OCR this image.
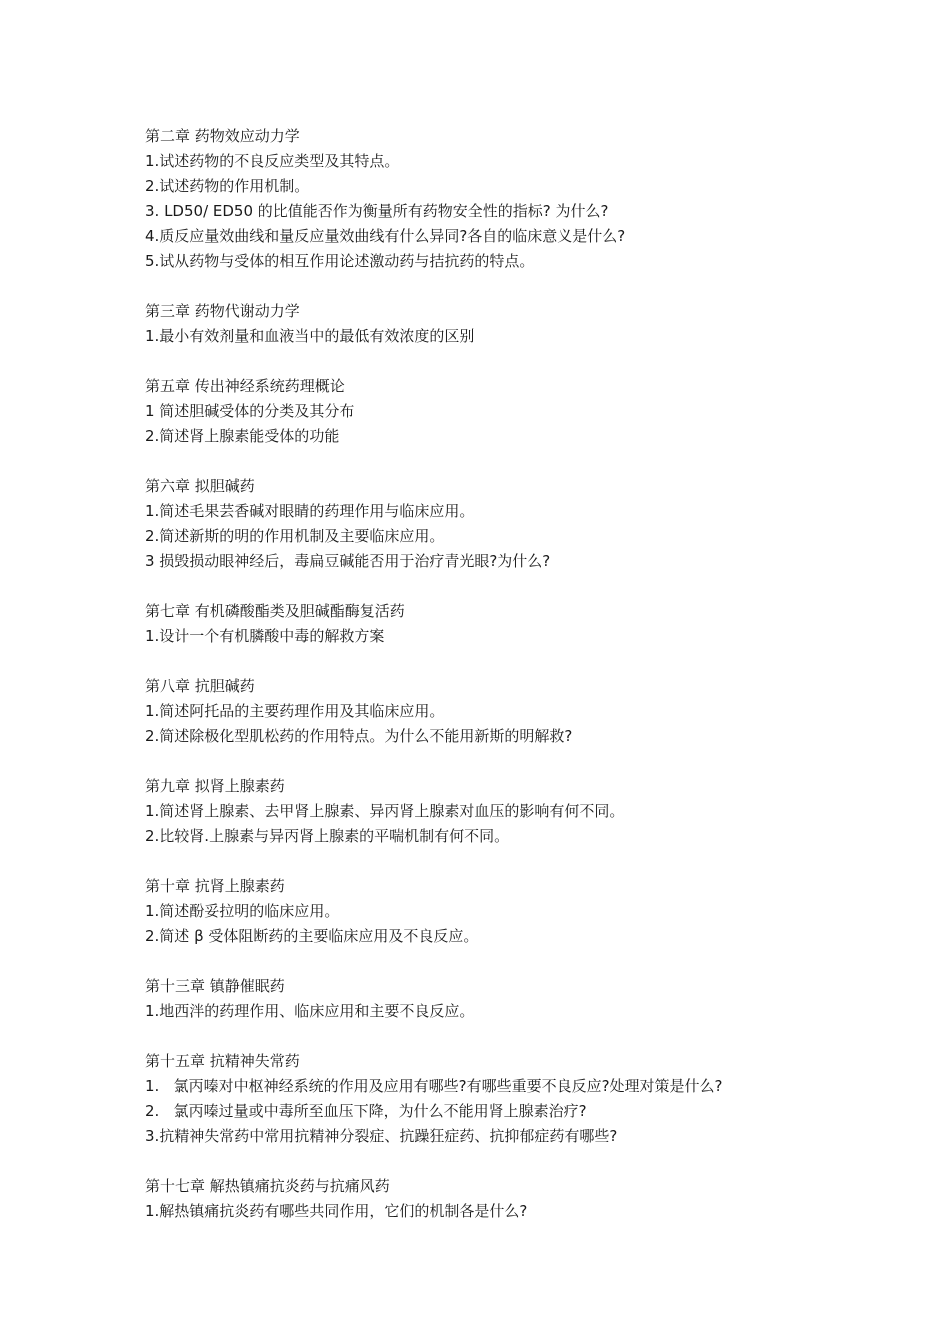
第二章 药物效应动力学
1.试述药物的不良反应类型及其特点。
2.试述药物的作用机制。
3. LD50/ ED50 的比值能否作为衡量所有药物安全性的指标? 为什么?
4.质反应量效曲线和量反应量效曲线有什么异同?各自的临床意义是什么?
5.试从药物与受体的相互作用论述激动药与拮抗药的特点。
第三章 药物代谢动力学
1.最小有效剂量和血液当中的最低有效浓度的区别
第五章 传出神经系统药理概论
1 简述胆碱受体的分类及其分布
2.简述肾上腺素能受体的功能
第六章 拟胆碱药
1.简述毛果芸香碱对眼睛的药理作用与临床应用。
2.简述新斯的明的作用机制及主要临床应用。
3 损毁损动眼神经后，毒扁豆碱能否用于治疗青光眼?为什么?
第七章 有机磷酸酯类及胆碱酯酶复活药
1.设计一个有机膦酸中毒的解救方案
第八章 抗胆碱药
1.简述阿托品的主要药理作用及其临床应用。
2.简述除极化型肌松药的作用特点。为什么不能用新斯的明解救?
第九章 拟肾上腺素药
1.简述肾上腺素、去甲肾上腺素、异丙肾上腺素对血压的影响有何不同。
2.比较肾.上腺素与异丙肾上腺素的平喘机制有何不同。
第十章 抗肾上腺素药
1.简述酚妥拉明的临床应用。
2.简述 β 受体阻断药的主要临床应用及不良反应。
第十三章 镇静催眠药
1.地西泮的药理作用、临床应用和主要不良反应。
第十五章 抗精神失常药
1.   氯丙嗪对中枢神经系统的作用及应用有哪些?有哪些重要不良反应?处理对策是什么?
2.   氯丙嗪过量或中毒所至血压下降，为什么不能用肾上腺素治疗?
3.抗精神失常药中常用抗精神分裂症、抗躁狂症药、抗抑郁症药有哪些?
第十七章 解热镇痛抗炎药与抗痛风药
1.解热镇痛抗炎药有哪些共同作用，它们的机制各是什么?
